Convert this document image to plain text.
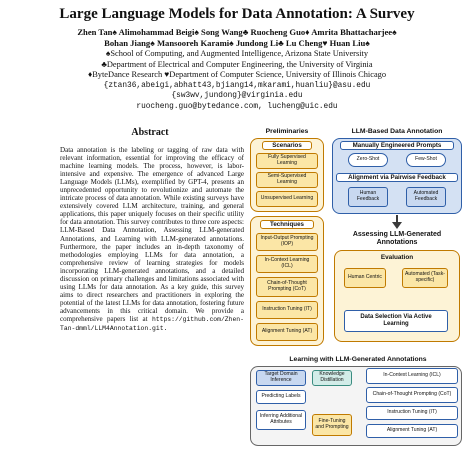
Large Language Models for Data Annotation: A Survey
Zhen Tan♠ Alimohammad Beigi♠ Song Wang♣ Ruocheng Guo♦ Amrita Bhattacharjee♠
Bohan Jiang♠ Mansooreh Karami♠ Jundong Li♣ Lu Cheng♥ Huan Liu♠
♠School of Computing, and Augmented Intelligence, Arizona State University
♣Department of Electrical and Computer Engineering, the University of Virginia
♦ByteDance Research ♥Department of Computer Science, University of Illinois Chicago
{ztan36,abeigi,abhatt43,bjiang14,mkarami,huanliu}@asu.edu
{sw3wv,jundong}@virginia.edu
ruocheng.guo@bytedance.com, lucheng@uic.edu
Abstract
Data annotation is the labeling or tagging of raw data with relevant information, essential for improving the efficacy of machine learning models. The process, however, is labor-intensive and expensive. The emergence of advanced Large Language Models (LLMs), exemplified by GPT-4, presents an unprecedented opportunity to revolutionize and automate the intricate process of data annotation. While existing surveys have extensively covered LLM architecture, training, and general applications, this paper uniquely focuses on their specific utility for data annotation. This survey contributes to three core aspects: LLM-Based Data Annotation, Assessing LLM-generated Annotations, and Learning with LLM-generated annotations. Furthermore, the paper includes an in-depth taxonomy of methodologies employing LLMs for data annotation, a comprehensive review of learning strategies for models incorporating LLM-generated annotations, and a detailed discussion on primary challenges and limitations associated with using LLMs for data annotation. As a key guide, this survey aims to direct researchers and practitioners in exploring the potential of the latest LLMs for data annotation, fostering future advancements in this critical domain. We provide a comprehensive papers list at https://github.com/Zhen-Tan-dmml/LLM4Annotation.git.
Preliminaries
Scenarios
Fully Supervised Learning
Semi-Supervised Learning
Unsupervised Learning
Techniques
Input-Output Prompting (IOP)
In-Context Learning (ICL)
Chain-of-Thought Prompting (CoT)
Instruction Tuning (IT)
Alignment Tuning (AT)
LLM-Based Data Annotation
Manually Engineered Prompts
Zero-Shot	Few-Shot
Alignment via Pairwise Feedback
Human Feedback
Automated Feedback
Assessing LLM-Generated Annotations
Evaluation
Human Centric	Automated (Task-specific)
Data Selection Via Active Learning
Learning with LLM-Generated Annotations
Target Domain Inference
Predicting Labels
Inferring Additional Attributes
Knowledge Distillation
Fine-Tuning and Prompting
In-Context Learning (ICL)
Chain-of-Thought Prompting (CoT)
Instruction Tuning (IT)
Alignment Tuning (AT)
